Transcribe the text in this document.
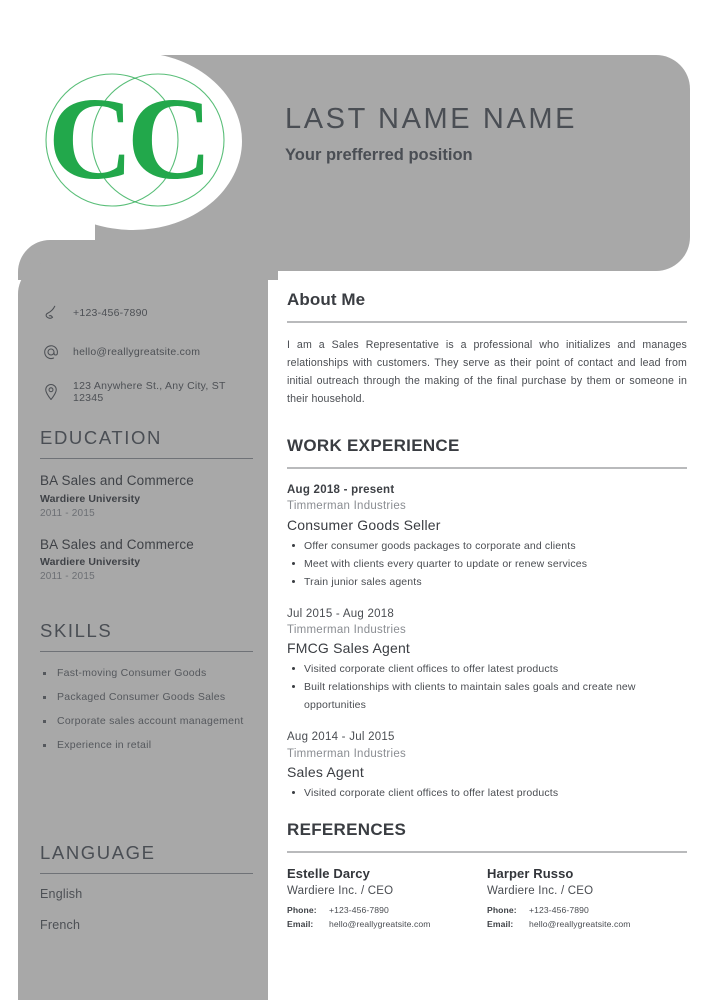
C
C	LAST NAME NAME
Your prefferred position
+123-456-7890
hello@reallygreatsite.com
123 Anywhere St., Any City, ST 12345
EDUCATION
BA Sales and Commerce
Wardiere University
2011 - 2015
BA Sales and Commerce
Wardiere University
2011 - 2015
SKILLS
Fast-moving Consumer Goods
Packaged Consumer Goods Sales
Corporate sales account management
Experience in retail
LANGUAGE
English
French
About Me
I am a Sales Representative is a professional who initializes and manages relationships with customers. They serve as their point of contact and lead from initial outreach through the making of the final purchase by them or someone in their household.
WORK EXPERIENCE
Aug 2018 - present
Timmerman Industries
Consumer Goods Seller
Offer consumer goods packages to corporate and clients
Meet with clients every quarter to update or renew services
Train junior sales agents
Jul 2015 - Aug 2018
Timmerman Industries
FMCG Sales Agent
Visited corporate client offices to offer latest products
Built relationships with clients to maintain sales goals and create new opportunities
Aug 2014 - Jul 2015
Timmerman Industries
Sales Agent
Visited corporate client offices to offer latest products
REFERENCES
Estelle Darcy
Wardiere Inc. / CEO
Phone:	+123-456-7890
Email:	hello@reallygreatsite.com
Harper Russo
Wardiere Inc. / CEO
Phone:	+123-456-7890
Email:	hello@reallygreatsite.com
